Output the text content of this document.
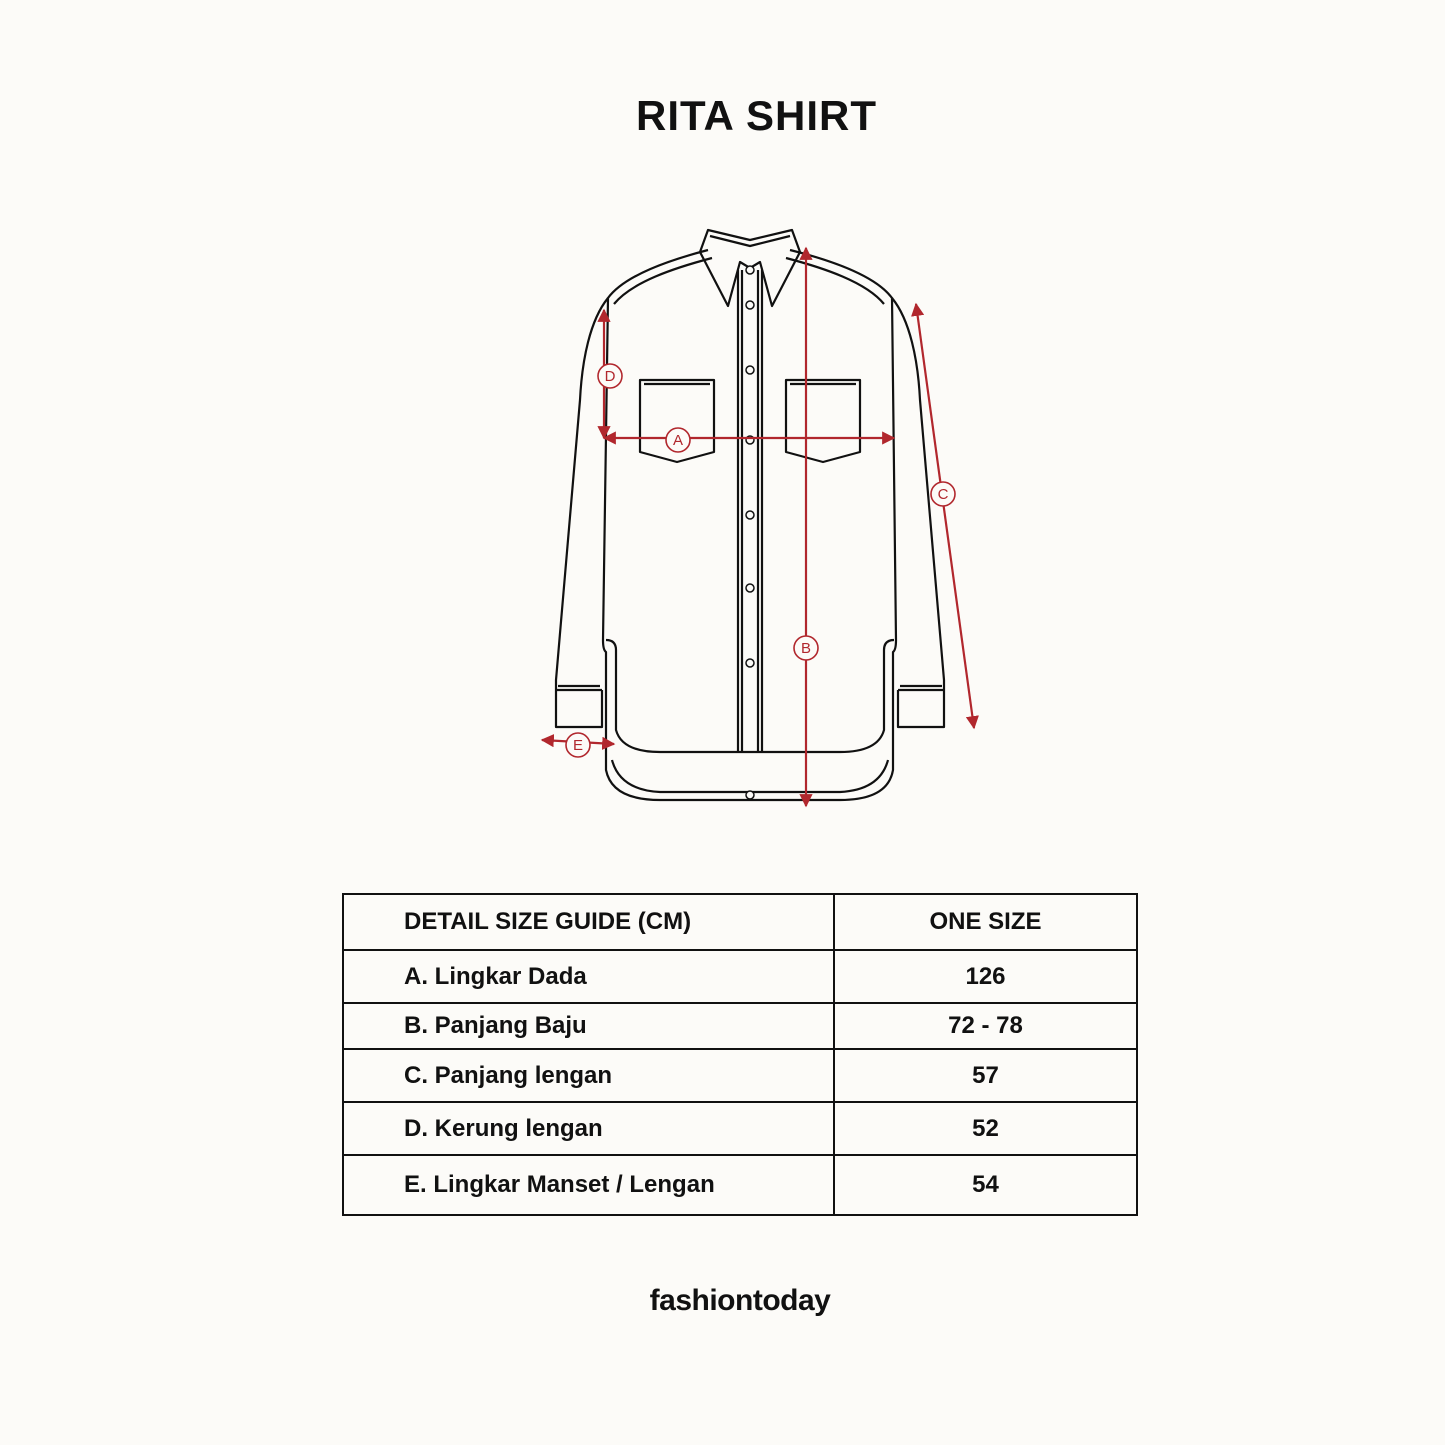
RITA SHIRT
A
B
C
D
E
DETAIL SIZE GUIDE (CM)	ONE SIZE
A. Lingkar Dada	126
B. Panjang Baju	72 - 78
C. Panjang lengan	57
D. Kerung lengan	52
E. Lingkar Manset / Lengan	54
fashiontoday
